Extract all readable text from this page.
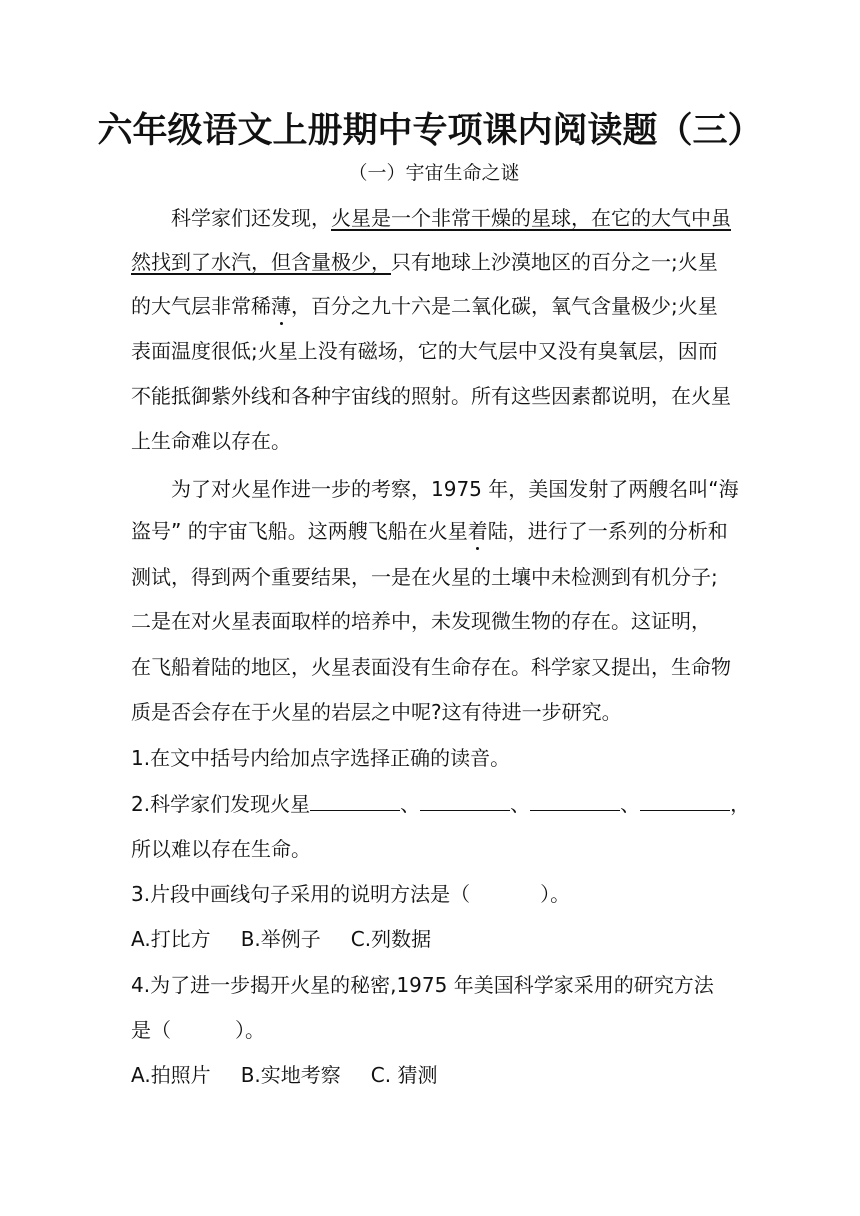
六年级语文上册期中专项课内阅读题（三）
（一）宇宙生命之谜
科学家们还发现，火星是一个非常干燥的星球，在它的大气中虽
然找到了水汽，但含量极少，只有地球上沙漠地区的百分之一;火星
的大气层非常稀薄，百分之九十六是二氧化碳，氧气含量极少;火星
表面温度很低;火星上没有磁场，它的大气层中又没有臭氧层，因而
不能抵御紫外线和各种宇宙线的照射。所有这些因素都说明，在火星
上生命难以存在。
为了对火星作进一步的考察，1975 年，美国发射了两艘名叫“海
盗号” 的宇宙飞船。这两艘飞船在火星着陆，进行了一系列的分析和
测试，得到两个重要结果，一是在火星的土壤中未检测到有机分子;
二是在对火星表面取样的培养中，未发现微生物的存在。这证明，
在飞船着陆的地区，火星表面没有生命存在。科学家又提出，生命物
质是否会存在于火星的岩层之中呢?这有待进一步研究。
1.在文中括号内给加点字选择正确的读音。
2.科学家们发现火星	、	、	、	，
所以难以存在生命。
3.片段中画线句子采用的说明方法是（	）。
A.打比方 B.举例子 C.列数据
4.为了进一步揭开火星的秘密,1975 年美国科学家采用的研究方法
是（	）。
A.拍照片 B.实地考察 C. 猜测
